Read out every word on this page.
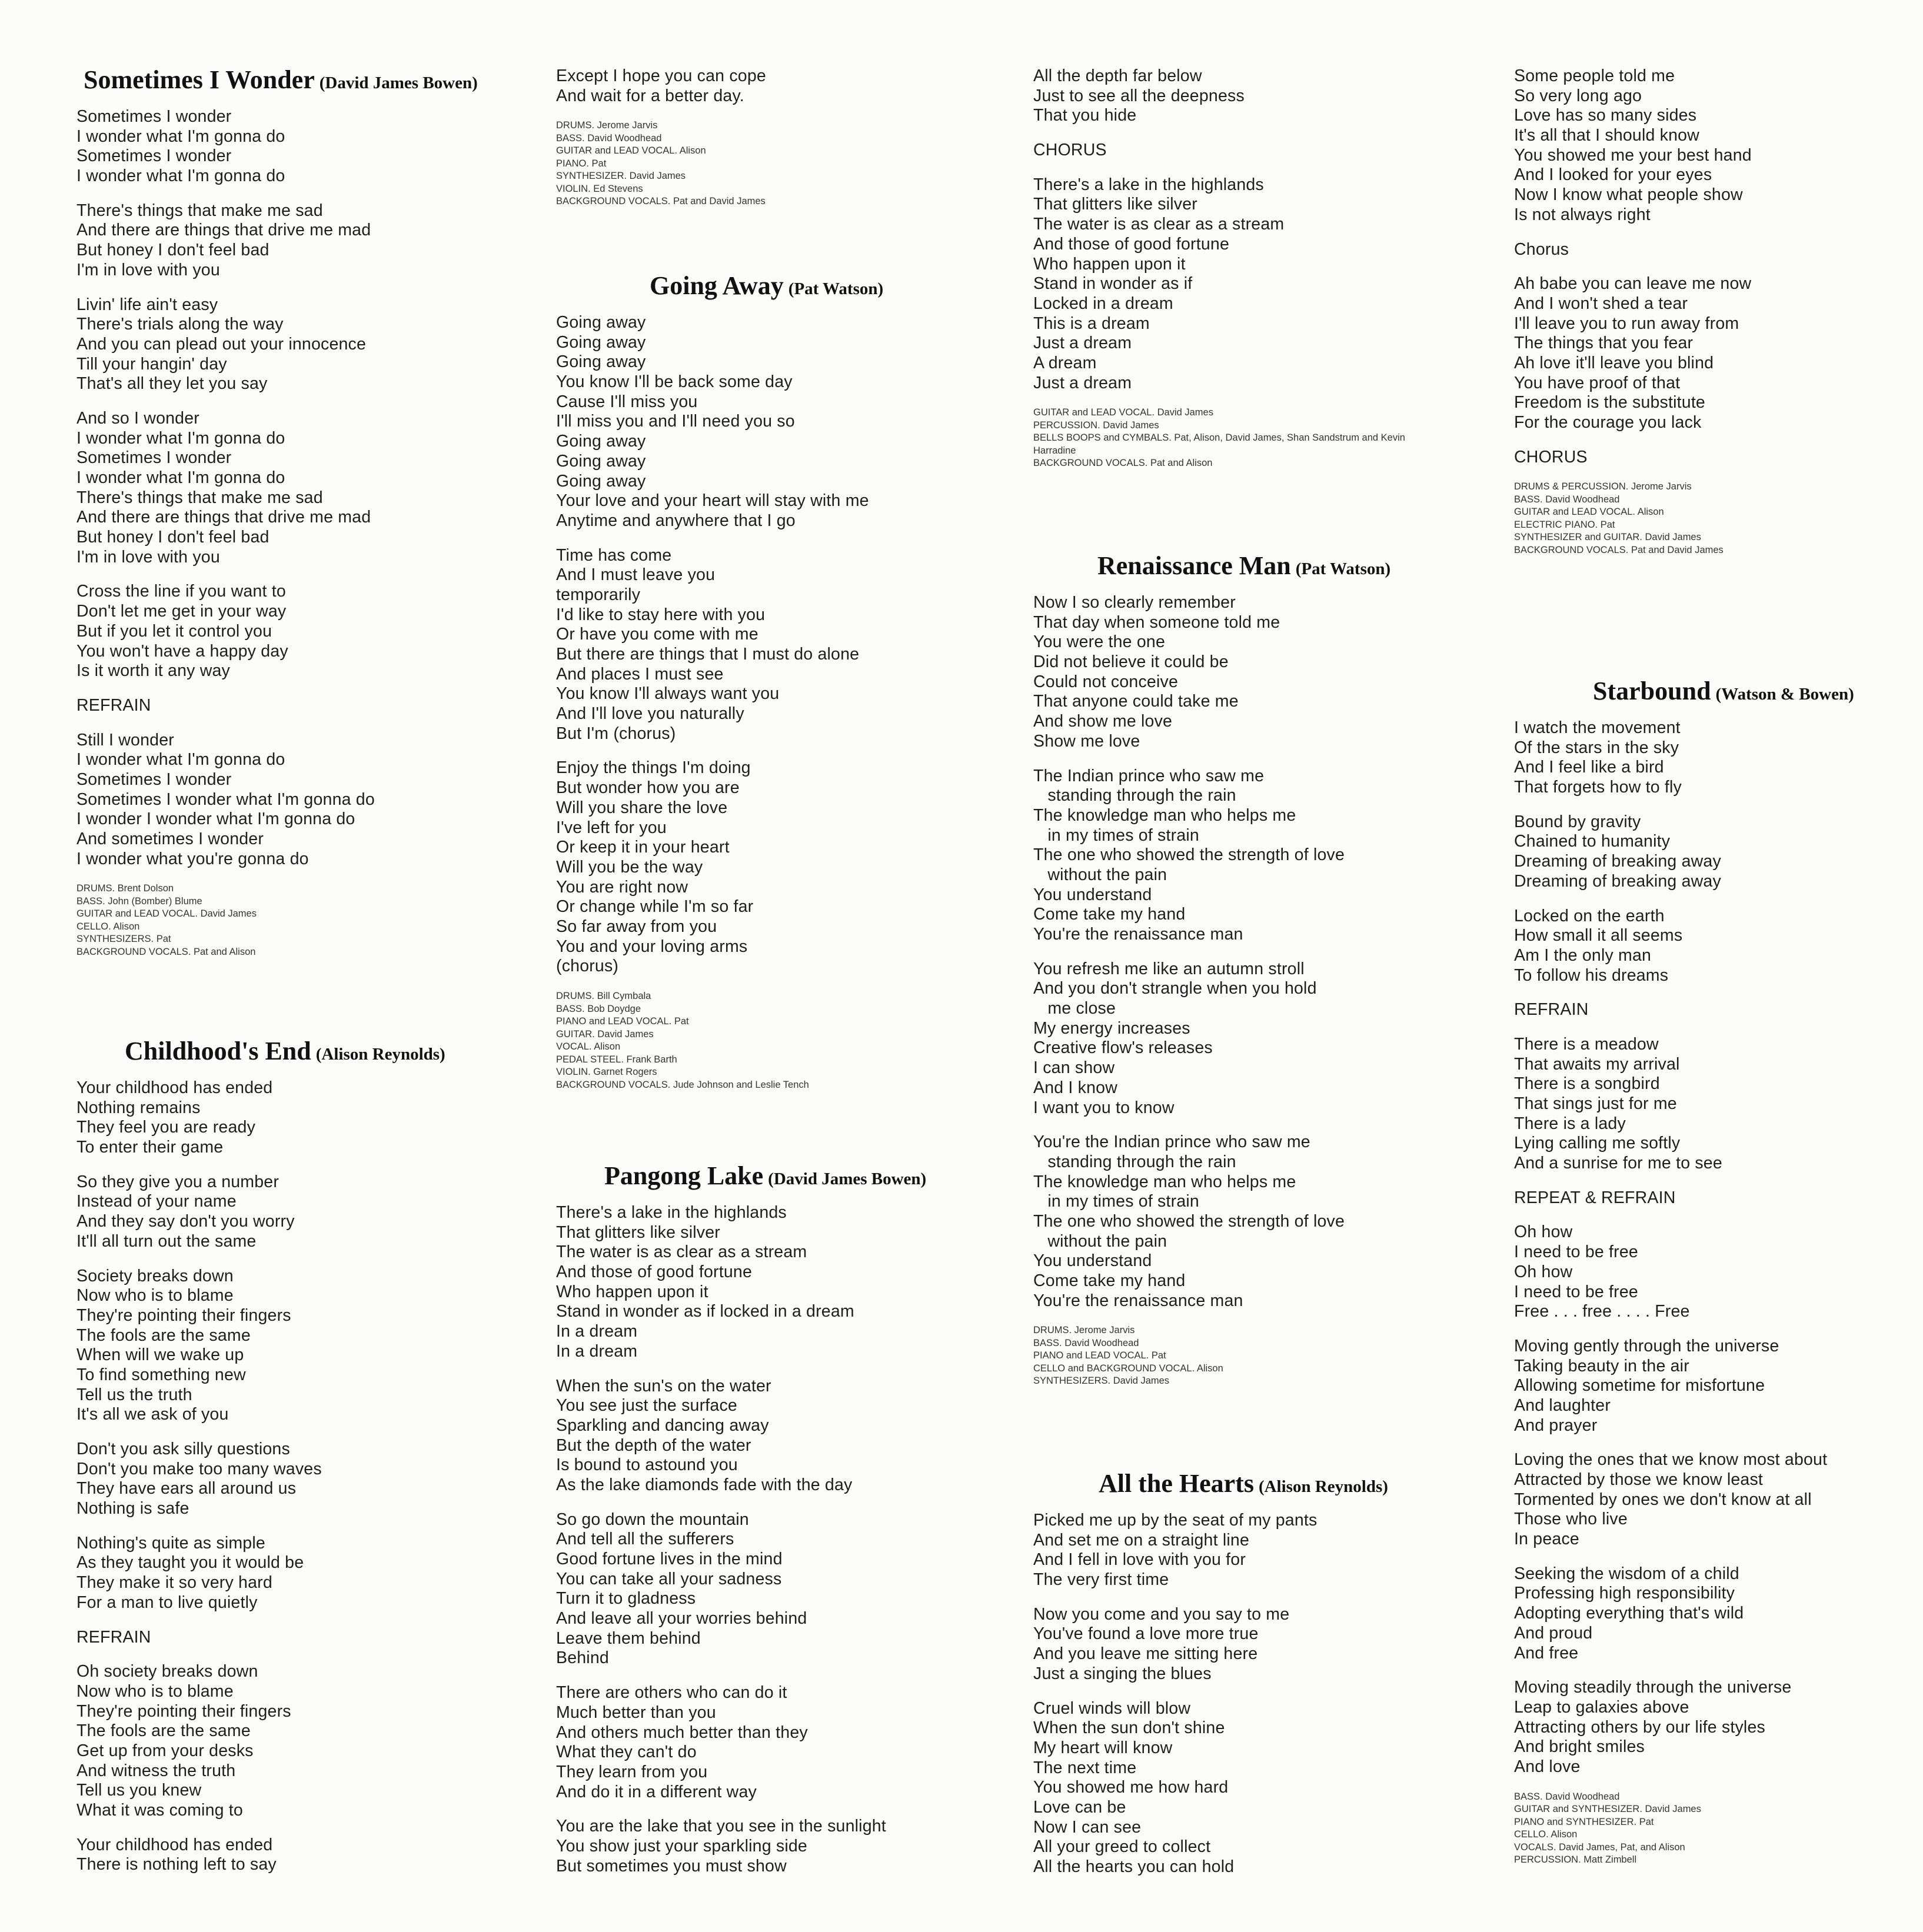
Sometimes I Wonder (David James Bowen)
Sometimes I wonder
I wonder what I'm gonna do
Sometimes I wonder
I wonder what I'm gonna do
There's things that make me sad
And there are things that drive me mad
But honey I don't feel bad
I'm in love with you
Livin' life ain't easy
There's trials along the way
And you can plead out your innocence
Till your hangin' day
That's all they let you say
And so I wonder
I wonder what I'm gonna do
Sometimes I wonder
I wonder what I'm gonna do
There's things that make me sad
And there are things that drive me mad
But honey I don't feel bad
I'm in love with you
Cross the line if you want to
Don't let me get in your way
But if you let it control you
You won't have a happy day
Is it worth it any way
REFRAIN
Still I wonder
I wonder what I'm gonna do
Sometimes I wonder
Sometimes I wonder what I'm gonna do
I wonder I wonder what I'm gonna do
And sometimes I wonder
I wonder what you're gonna do
DRUMS. Brent Dolson
BASS. John (Bomber) Blume
GUITAR and LEAD VOCAL. David James
CELLO. Alison
SYNTHESIZERS. Pat
BACKGROUND VOCALS. Pat and Alison
Childhood's End (Alison Reynolds)
Your childhood has ended
Nothing remains
They feel you are ready
To enter their game
So they give you a number
Instead of your name
And they say don't you worry
It'll all turn out the same
Society breaks down
Now who is to blame
They're pointing their fingers
The fools are the same
When will we wake up
To find something new
Tell us the truth
It's all we ask of you
Don't you ask silly questions
Don't you make too many waves
They have ears all around us
Nothing is safe
Nothing's quite as simple
As they taught you it would be
They make it so very hard
For a man to live quietly
REFRAIN
Oh society breaks down
Now who is to blame
They're pointing their fingers
The fools are the same
Get up from your desks
And witness the truth
Tell us you knew
What it was coming to
Your childhood has ended
There is nothing left to say
Except I hope you can cope
And wait for a better day.
DRUMS. Jerome Jarvis
BASS. David Woodhead
GUITAR and LEAD VOCAL. Alison
PIANO. Pat
SYNTHESIZER. David James
VIOLIN. Ed Stevens
BACKGROUND VOCALS. Pat and David James
Going Away (Pat Watson)
Going away
Going away
Going away
You know I'll be back some day
Cause I'll miss you
I'll miss you and I'll need you so
Going away
Going away
Going away
Your love and your heart will stay with me
Anytime and anywhere that I go
Time has come
And I must leave you
temporarily
I'd like to stay here with you
Or have you come with me
But there are things that I must do alone
And places I must see
You know I'll always want you
And I'll love you naturally
But I'm (chorus)
Enjoy the things I'm doing
But wonder how you are
Will you share the love
I've left for you
Or keep it in your heart
Will you be the way
You are right now
Or change while I'm so far
So far away from you
You and your loving arms
(chorus)
DRUMS. Bill Cymbala
BASS. Bob Doydge
PIANO and LEAD VOCAL. Pat
GUITAR. David James
VOCAL. Alison
PEDAL STEEL. Frank Barth
VIOLIN. Garnet Rogers
BACKGROUND VOCALS. Jude Johnson and Leslie Tench
Pangong Lake (David James Bowen)
There's a lake in the highlands
That glitters like silver
The water is as clear as a stream
And those of good fortune
Who happen upon it
Stand in wonder as if locked in a dream
In a dream
In a dream
When the sun's on the water
You see just the surface
Sparkling and dancing away
But the depth of the water
Is bound to astound you
As the lake diamonds fade with the day
So go down the mountain
And tell all the sufferers
Good fortune lives in the mind
You can take all your sadness
Turn it to gladness
And leave all your worries behind
Leave them behind
Behind
There are others who can do it
Much better than you
And others much better than they
What they can't do
They learn from you
And do it in a different way
You are the lake that you see in the sunlight
You show just your sparkling side
But sometimes you must show
All the depth far below
Just to see all the deepness
That you hide
CHORUS
There's a lake in the highlands
That glitters like silver
The water is as clear as a stream
And those of good fortune
Who happen upon it
Stand in wonder as if
Locked in a dream
This is a dream
Just a dream
A dream
Just a dream
GUITAR and LEAD VOCAL. David James
PERCUSSION. David James
BELLS BOOPS and CYMBALS. Pat, Alison, David James, Shan Sandstrum and Kevin
Harradine
BACKGROUND VOCALS. Pat and Alison
Renaissance Man (Pat Watson)
Now I so clearly remember
That day when someone told me
You were the one
Did not believe it could be
Could not conceive
That anyone could take me
And show me love
Show me love
The Indian prince who saw me
standing through the rain
The knowledge man who helps me
in my times of strain
The one who showed the strength of love
without the pain
You understand
Come take my hand
You're the renaissance man
You refresh me like an autumn stroll
And you don't strangle when you hold
me close
My energy increases
Creative flow's releases
I can show
And I know
I want you to know
You're the Indian prince who saw me
standing through the rain
The knowledge man who helps me
in my times of strain
The one who showed the strength of love
without the pain
You understand
Come take my hand
You're the renaissance man
DRUMS. Jerome Jarvis
BASS. David Woodhead
PIANO and LEAD VOCAL. Pat
CELLO and BACKGROUND VOCAL. Alison
SYNTHESIZERS. David James
All the Hearts (Alison Reynolds)
Picked me up by the seat of my pants
And set me on a straight line
And I fell in love with you for
The very first time
Now you come and you say to me
You've found a love more true
And you leave me sitting here
Just a singing the blues
Cruel winds will blow
When the sun don't shine
My heart will know
The next time
You showed me how hard
Love can be
Now I can see
All your greed to collect
All the hearts you can hold
Some people told me
So very long ago
Love has so many sides
It's all that I should know
You showed me your best hand
And I looked for your eyes
Now I know what people show
Is not always right
Chorus
Ah babe you can leave me now
And I won't shed a tear
I'll leave you to run away from
The things that you fear
Ah love it'll leave you blind
You have proof of that
Freedom is the substitute
For the courage you lack
CHORUS
DRUMS & PERCUSSION. Jerome Jarvis
BASS. David Woodhead
GUITAR and LEAD VOCAL. Alison
ELECTRIC PIANO. Pat
SYNTHESIZER and GUITAR. David James
BACKGROUND VOCALS. Pat and David James
Starbound (Watson & Bowen)
I watch the movement
Of the stars in the sky
And I feel like a bird
That forgets how to fly
Bound by gravity
Chained to humanity
Dreaming of breaking away
Dreaming of breaking away
Locked on the earth
How small it all seems
Am I the only man
To follow his dreams
REFRAIN
There is a meadow
That awaits my arrival
There is a songbird
That sings just for me
There is a lady
Lying calling me softly
And a sunrise for me to see
REPEAT & REFRAIN
Oh how
I need to be free
Oh how
I need to be free
Free . . . free . . . . Free
Moving gently through the universe
Taking beauty in the air
Allowing sometime for misfortune
And laughter
And prayer
Loving the ones that we know most about
Attracted by those we know least
Tormented by ones we don't know at all
Those who live
In peace
Seeking the wisdom of a child
Professing high responsibility
Adopting everything that's wild
And proud
And free
Moving steadily through the universe
Leap to galaxies above
Attracting others by our life styles
And bright smiles
And love
BASS. David Woodhead
GUITAR and SYNTHESIZER. David James
PIANO and SYNTHESIZER. Pat
CELLO. Alison
VOCALS. David James, Pat, and Alison
PERCUSSION. Matt Zimbell
